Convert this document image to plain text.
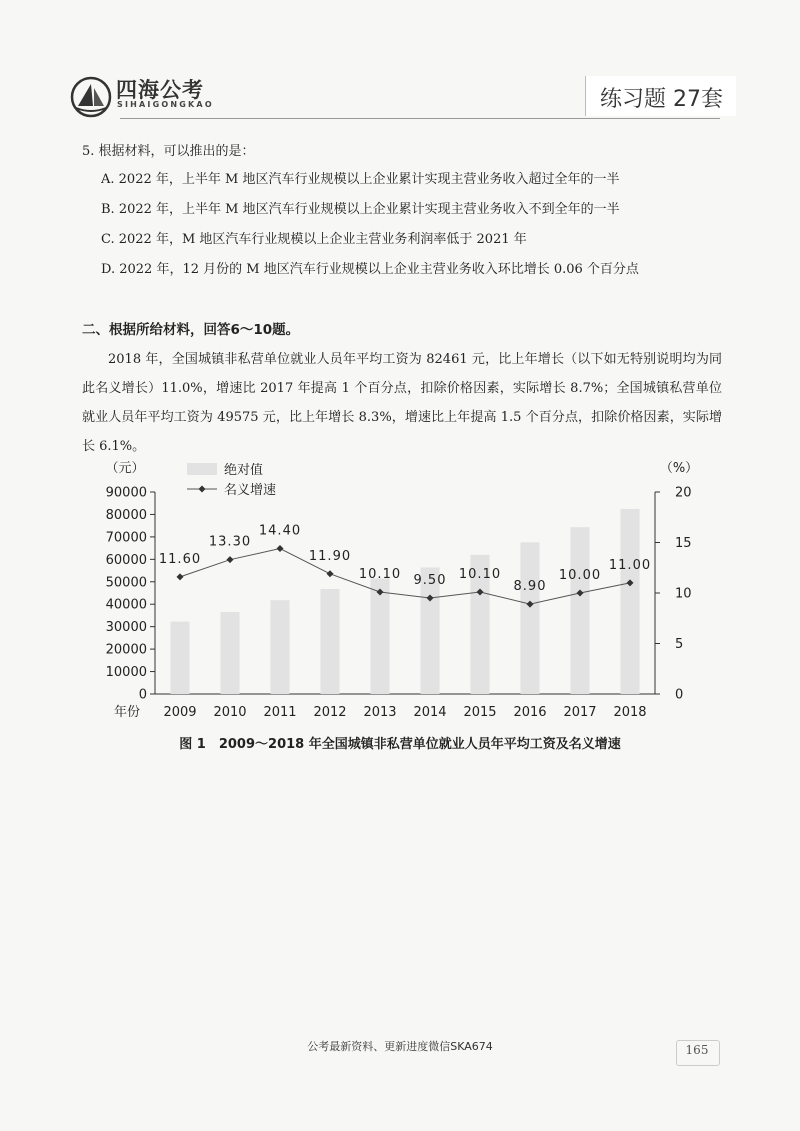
四海公考
SIHAIGONGKAO	练习题 27套
5. 根据材料，可以推出的是：
A. 2022 年，上半年 M 地区汽车行业规模以上企业累计实现主营业务收入超过全年的一半
B. 2022 年，上半年 M 地区汽车行业规模以上企业累计实现主营业务收入不到全年的一半
C. 2022 年，M 地区汽车行业规模以上企业主营业务利润率低于 2021 年
D. 2022 年，12 月份的 M 地区汽车行业规模以上企业主营业务收入环比增长 0.06 个百分点
二、根据所给材料，回答6～10题。
2018 年，全国城镇非私营单位就业人员年平均工资为 82461 元，比上年增长（以下如无特别说明均为同此名义增长）11.0%，增速比 2017 年提高 1 个百分点，扣除价格因素，实际增长 8.7%；全国城镇私营单位就业人员年平均工资为 49575 元，比上年增长 8.3%，增速比上年提高 1.5 个百分点，扣除价格因素，实际增长 6.1%。
0
10000
20000
30000
40000
50000
60000
70000
80000
90000
0
5
10
15
20
11.60
13.30
14.40
11.90
10.10 9.50 10.10
8.90
10.00
11.00
2009 2010 2011 2012 2013 2014 2015 2016 2017 2018
年份
（元）	（%）
绝对值
名义增速
图 1　2009～2018 年全国城镇非私营单位就业人员年平均工资及名义增速
公考最新资料、更新进度微信SKA674	165
